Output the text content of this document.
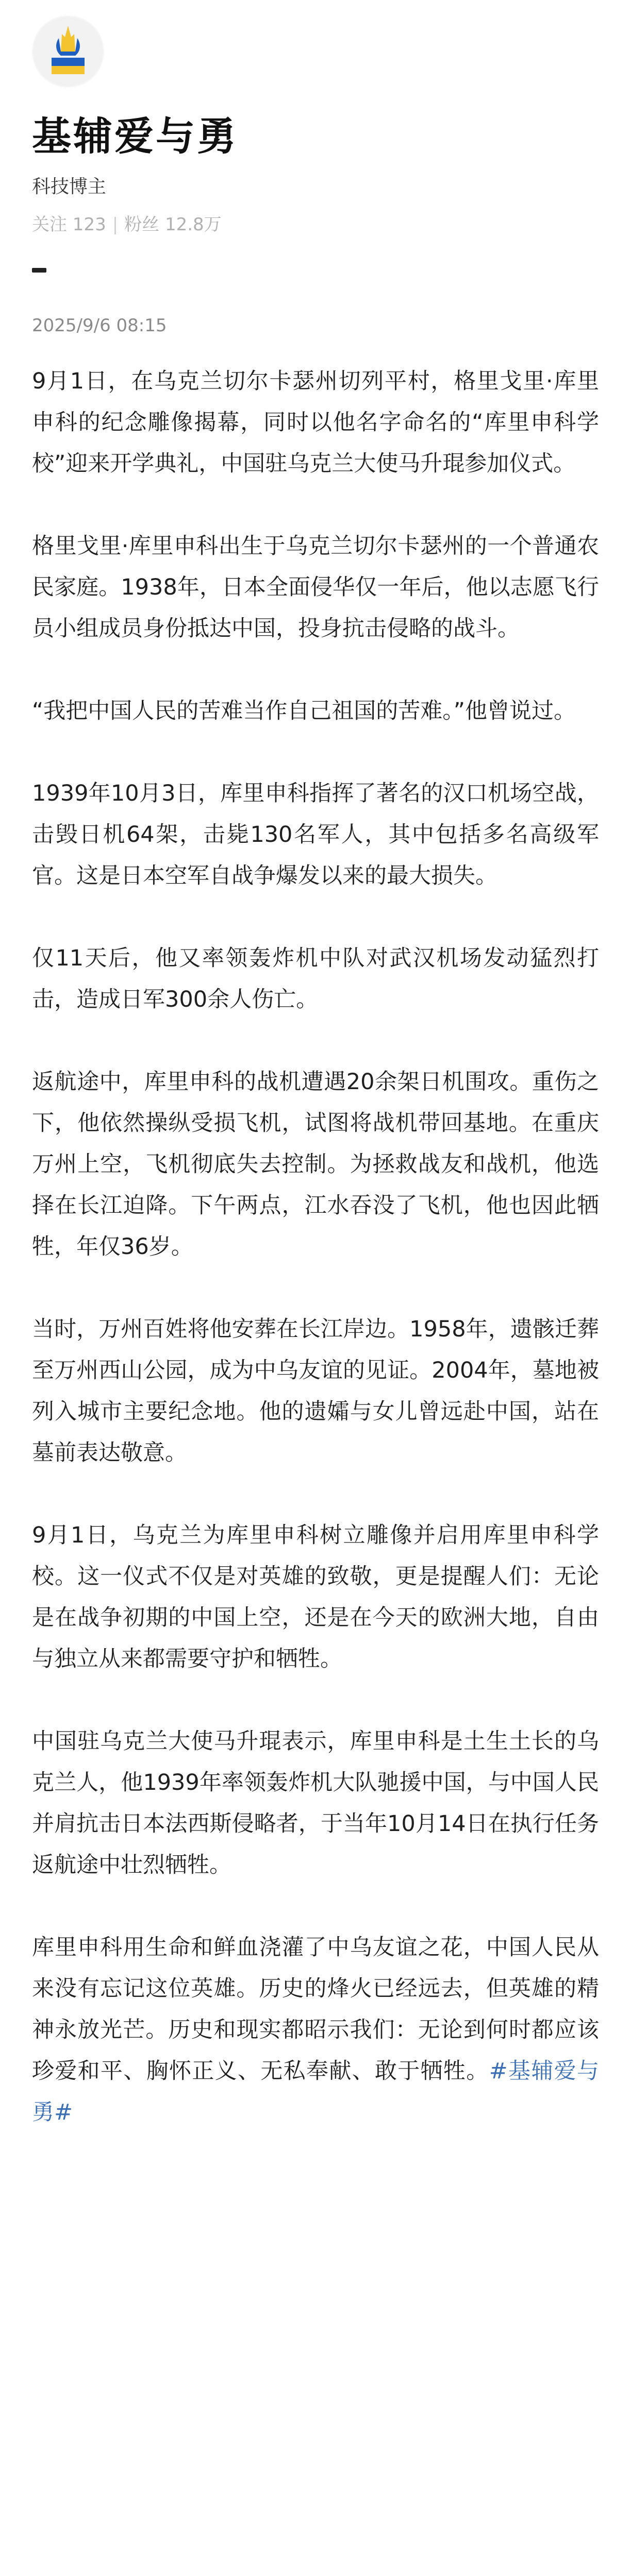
基辅爱与勇
科技博主
关注 123 | 粉丝 12.8万
2025/9/6 08:15

9月1日，在乌克兰切尔卡瑟州切列平村，格里戈里·库里申科的纪念雕像揭幕，同时以他名字命名的“库里申科学校”迎来开学典礼，中国驻乌克兰大使马升琨参加仪式。

格里戈里·库里申科出生于乌克兰切尔卡瑟州的一个普通农民家庭。1938年，日本全面侵华仅一年后，他以志愿飞行员小组成员身份抵达中国，投身抗击侵略的战斗。

“我把中国人民的苦难当作自己祖国的苦难。”他曾说过。

1939年10月3日，库里申科指挥了著名的汉口机场空战，击毁日机64架，击毙130名军人，其中包括多名高级军官。这是日本空军自战争爆发以来的最大损失。

仅11天后，他又率领轰炸机中队对武汉机场发动猛烈打击，造成日军300余人伤亡。

返航途中，库里申科的战机遭遇20余架日机围攻。重伤之下，他依然操纵受损飞机，试图将战机带回基地。在重庆万州上空，飞机彻底失去控制。为拯救战友和战机，他选择在长江迫降。下午两点，江水吞没了飞机，他也因此牺牲，年仅36岁。

当时，万州百姓将他安葬在长江岸边。1958年，遗骸迁葬至万州西山公园，成为中乌友谊的见证。2004年，墓地被列入城市主要纪念地。他的遗孀与女儿曾远赴中国，站在墓前表达敬意。

9月1日，乌克兰为库里申科树立雕像并启用库里申科学校。这一仪式不仅是对英雄的致敬，更是提醒人们：无论是在战争初期的中国上空，还是在今天的欧洲大地，自由与独立从来都需要守护和牺牲。

中国驻乌克兰大使马升琨表示，库里申科是土生土长的乌克兰人，他1939年率领轰炸机大队驰援中国，与中国人民并肩抗击日本法西斯侵略者，于当年10月14日在执行任务返航途中壮烈牺牲。

库里申科用生命和鲜血浇灌了中乌友谊之花，中国人民从来没有忘记这位英雄。历史的烽火已经远去，但英雄的精神永放光芒。历史和现实都昭示我们：无论到何时都应该珍爱和平、胸怀正义、无私奉献、敢于牺牲。#基辅爱与勇#
